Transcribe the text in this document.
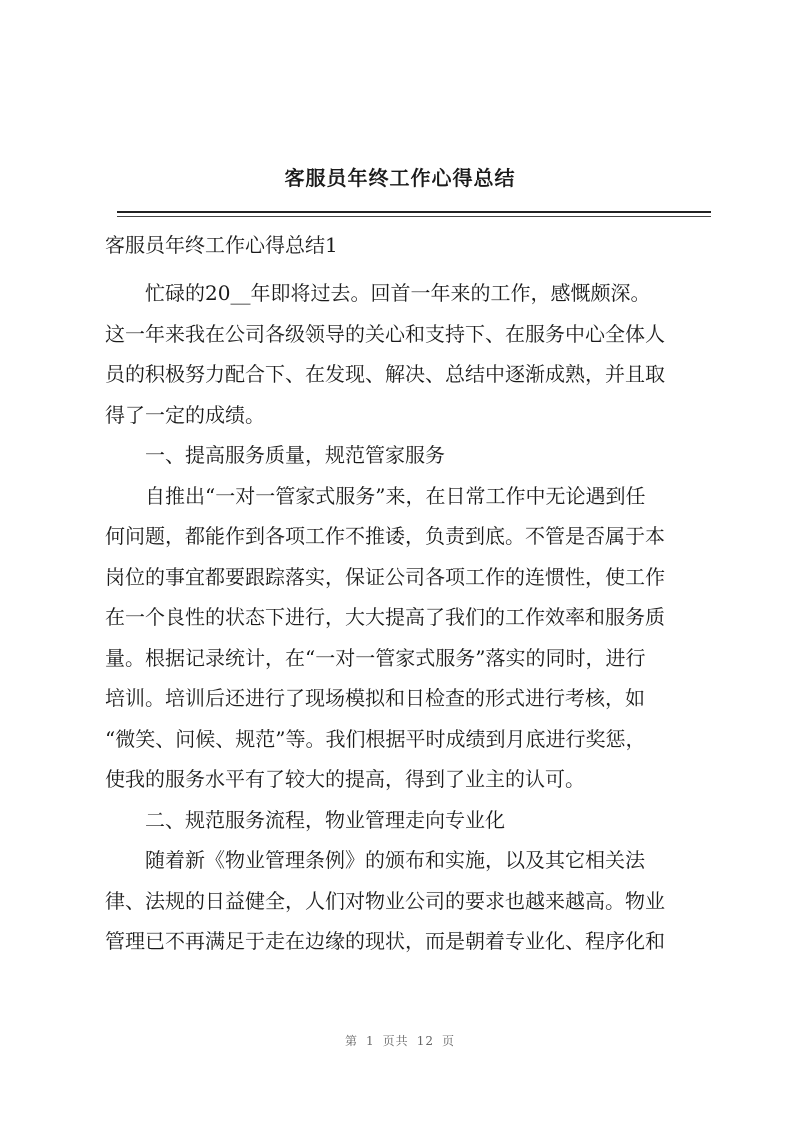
客服员年终工作心得总结
客服员年终工作心得总结1
　　忙碌的20__年即将过去。回首一年来的工作，感慨颇深。
这一年来我在公司各级领导的关心和支持下、在服务中心全体人
员的积极努力配合下、在发现、解决、总结中逐渐成熟，并且取
得了一定的成绩。
　　一、提高服务质量，规范管家服务
　　自推出“一对一管家式服务”来，在日常工作中无论遇到任
何问题，都能作到各项工作不推诿，负责到底。不管是否属于本
岗位的事宜都要跟踪落实，保证公司各项工作的连惯性，使工作
在一个良性的状态下进行，大大提高了我们的工作效率和服务质
量。根据记录统计，在“一对一管家式服务”落实的同时，进行
培训。培训后还进行了现场模拟和日检查的形式进行考核，如
“微笑、问候、规范”等。我们根据平时成绩到月底进行奖惩，
使我的服务水平有了较大的提高，得到了业主的认可。
　　二、规范服务流程，物业管理走向专业化
　　随着新《物业管理条例》的颁布和实施，以及其它相关法
律、法规的日益健全，人们对物业公司的要求也越来越高。物业
管理已不再满足于走在边缘的现状，而是朝着专业化、程序化和
第 1 页共 12 页
